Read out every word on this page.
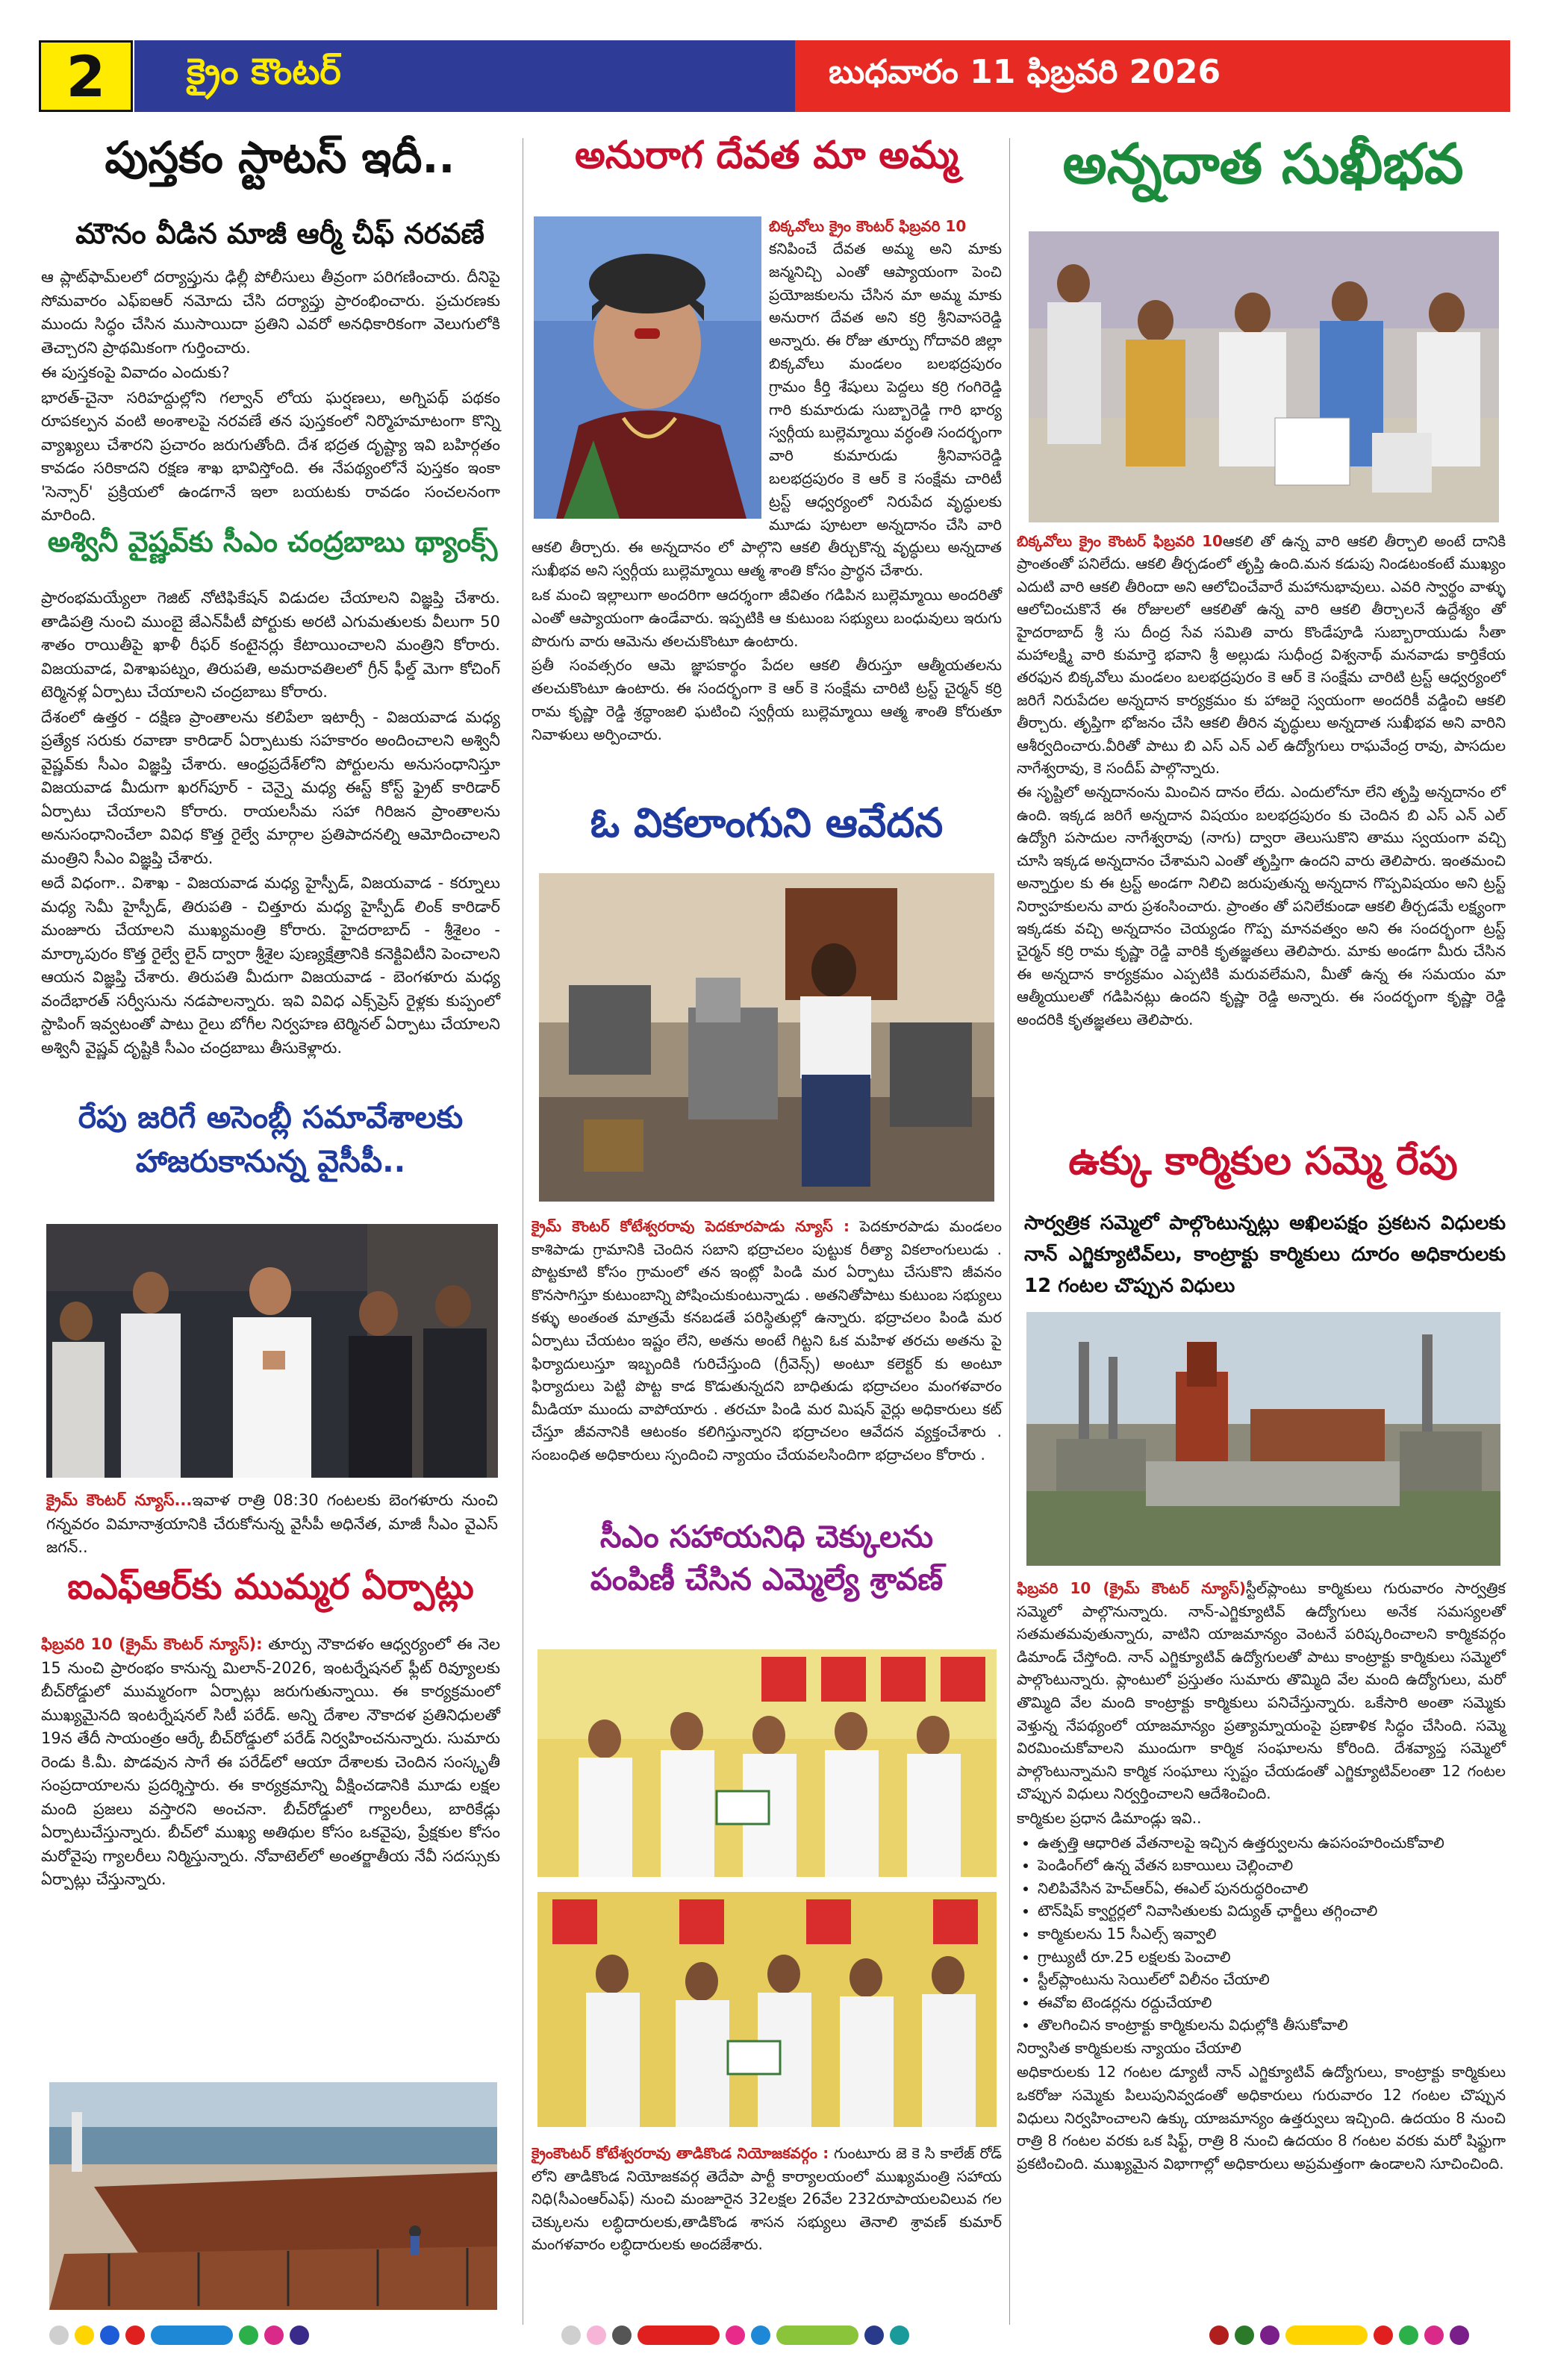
2	క్రైం కౌంటర్	బుధవారం 11 ఫిబ్రవరి 2026
పుస్తకం స్టాటస్ ఇదీ..
మౌనం వీడిన మాజీ ఆర్మీ చీఫ్ నరవణే

ఆ ప్లాట్‌ఫామ్‌లలో దర్యాప్తును ఢిల్లీ పోలీసులు తీవ్రంగా పరిగణించారు. దీనిపై సోమవారం ఎఫ్‌ఐఆర్ నమోదు చేసి దర్యాప్తు ప్రారంభించారు. ప్రచురణకు ముందు సిద్ధం చేసిన ముసాయిదా ప్రతిని ఎవరో అనధికారికంగా వెలుగులోకి తెచ్చారని ప్రాథమికంగా గుర్తించారు.

ఈ పుస్తకంపై వివాదం ఎందుకు?

భారత్-చైనా సరిహద్దుల్లోని గల్వాన్ లోయ ఘర్షణలు, అగ్నిపథ్ పథకం రూపకల్పన వంటి అంశాలపై నరవణే తన పుస్తకంలో నిర్మొహమాటంగా కొన్ని వ్యాఖ్యలు చేశారని ప్రచారం జరుగుతోంది. దేశ భద్రత దృష్ట్యా ఇవి బహిర్గతం కావడం సరికాదని రక్షణ శాఖ భావిస్తోంది. ఈ నేపథ్యంలోనే పుస్తకం ఇంకా 'సెన్సార్' ప్రక్రియలో ఉండగానే ఇలా బయటకు రావడం సంచలనంగా మారింది.

అశ్వినీ వైష్ణవ్‌కు సీఎం చంద్రబాబు థ్యాంక్స్

ప్రారంభమయ్యేలా గెజిట్ నోటిఫికేషన్ విడుదల చేయాలని విజ్ఞప్తి చేశారు. తాడిపత్రి నుంచి ముంబై జేఎన్‌పీటీ పోర్టుకు అరటి ఎగుమతులకు వీలుగా 50 శాతం రాయితీపై ఖాళీ రీఫర్ కంటైనర్లు కేటాయించాలని మంత్రిని కోరారు. విజయవాడ, విశాఖపట్నం, తిరుపతి, అమరావతిలలో గ్రీన్ ఫీల్డ్ మెగా కోచింగ్ టెర్మినళ్ల ఏర్పాటు చేయాలని చంద్రబాబు కోరారు.

దేశంలో ఉత్తర - దక్షిణ ప్రాంతాలను కలిపేలా ఇటార్సీ - విజయవాడ మధ్య ప్రత్యేక సరుకు రవాణా కారిడార్ ఏర్పాటుకు సహకారం అందించాలని అశ్వినీ వైష్ణవ్‌కు సీఎం విజ్ఞప్తి చేశారు. ఆంధ్రప్రదేశ్‌లోని పోర్టులను అనుసంధానిస్తూ విజయవాడ మీదుగా ఖరగ్‌పూర్ - చెన్నై మధ్య ఈస్ట్ కోస్ట్ ఫ్రైట్ కారిడార్ ఏర్పాటు చేయాలని కోరారు. రాయలసీమ సహా గిరిజన ప్రాంతాలను అనుసంధానించేలా వివిధ కొత్త రైల్వే మార్గాల ప్రతిపాదనల్ని ఆమోదించాలని మంత్రిని సీఎం విజ్ఞప్తి చేశారు.

అదే విధంగా.. విశాఖ - విజయవాడ మధ్య హైస్పీడ్, విజయవాడ - కర్నూలు మధ్య సెమీ హైస్పీడ్, తిరుపతి - చిత్తూరు మధ్య హైస్పీడ్ లింక్ కారిడార్ మంజూరు చేయాలని ముఖ్యమంత్రి కోరారు. హైదరాబాద్ - శ్రీశైలం - మార్కాపురం కొత్త రైల్వే లైన్ ద్వారా శ్రీశైల పుణ్యక్షేత్రానికి కనెక్టివిటీని పెంచాలని ఆయన విజ్ఞప్తి చేశారు. తిరుపతి మీదుగా విజయవాడ - బెంగళూరు మధ్య వందేభారత్ సర్వీసును నడపాలన్నారు. ఇవి వివిధ ఎక్స్‌ప్రెస్ రైళ్లకు కుప్పంలో స్టాపింగ్ ఇవ్వటంతో పాటు రైలు బోగీల నిర్వహణ టెర్మినల్ ఏర్పాటు చేయాలని అశ్వినీ వైష్ణవ్ దృష్టికి సీఎం చంద్రబాబు తీసుకెళ్లారు.

రేపు జరిగే అసెంబ్లీ సమావేశాలకు
హాజరుకానున్న వైసీపీ..
క్రైమ్ కౌంటర్ న్యూస్...ఇవాళ రాత్రి 08:30 గంటలకు బెంగళూరు నుంచి గన్నవరం విమానాశ్రయానికి చేరుకోనున్న వైసీపీ అధినేత, మాజీ సీఎం వైఎస్ జగన్..
ఐఎఫ్ఆర్‌కు ముమ్మర ఏర్పాట్లు

ఫిబ్రవరి 10 (క్రైమ్ కౌంటర్ న్యూస్): తూర్పు నౌకాదళం ఆధ్వర్యంలో ఈ నెల 15 నుంచి ప్రారంభం కానున్న మిలాన్-2026, ఇంటర్నేషనల్ ఫ్లీట్ రివ్యూలకు బీచ్‌రోడ్డులో ముమ్మరంగా ఏర్పాట్లు జరుగుతున్నాయి. ఈ కార్యక్రమంలో ముఖ్యమైనది ఇంటర్నేషనల్ సిటీ పరేడ్. అన్ని దేశాల నౌకాదళ ప్రతినిధులతో 19న తేదీ సాయంత్రం ఆర్కే బీచ్‌రోడ్డులో పరేడ్ నిర్వహించనున్నారు. సుమారు రెండు కి.మీ. పొడవున సాగే ఈ పరేడ్‌లో ఆయా దేశాలకు చెందిన సంస్కృతీ సంప్రదాయాలను ప్రదర్శిస్తారు. ఈ కార్యక్రమాన్ని వీక్షించడానికి మూడు లక్షల మంది ప్రజలు వస్తారని అంచనా. బీచ్‌రోడ్డులో గ్యాలరీలు, బారికేడ్లు ఏర్పాటుచేస్తున్నారు. బీచ్‌లో ముఖ్య అతిథుల కోసం ఒకవైపు, ప్రేక్షకుల కోసం మరోవైపు గ్యాలరీలు నిర్మిస్తున్నారు. నోవాటెల్‌లో అంతర్జాతీయ నేవీ సదస్సుకు ఏర్పాట్లు చేస్తున్నారు.

అనురాగ దేవత మా అమ్మ
బిక్కవోలు క్రైం కౌంటర్ ఫిబ్రవరి 10

కనిపించే దేవత అమ్మ అని మాకు జన్మనిచ్చి ఎంతో ఆప్యాయంగా పెంచి ప్రయోజకులను చేసిన మా అమ్మ మాకు అనురాగ దేవత అని కర్రి శ్రీనివాసరెడ్డి అన్నారు. ఈ రోజు తూర్పు గోదావరి జిల్లా బిక్కవోలు మండలం బలభద్రపురం గ్రామం కీర్తి శేషులు పెద్దలు కర్రి గంగిరెడ్డి గారి కుమారుడు సుబ్బారెడ్డి గారి భార్య స్వర్గీయ బుల్లెమ్మాయి వర్ధంతి సందర్భంగా వారి కుమారుడు శ్రీనివాసరెడ్డి బలభద్రపురం కె ఆర్ కె సంక్షేమ చారిటీ ట్రస్ట్ ఆధ్వర్యంలో నిరుపేద వృద్ధులకు మూడు పూటలా అన్నదానం చేసి వారి ఆకలి తీర్చారు. ఈ అన్నదానం లో పాల్గొని ఆకలి తీర్చుకొన్న వృద్ధులు అన్నదాత సుఖీభవ అని స్వర్గీయ బుల్లెమ్మాయి ఆత్మ శాంతి కోసం ప్రార్థన చేశారు.

ఒక మంచి ఇల్లాలుగా అందరిగా ఆదర్శంగా జీవితం గడిపిన బుల్లెమ్మాయి అందరితో ఎంతో ఆప్యాయంగా ఉండేవారు. ఇప్పటికి ఆ కుటుంబ సభ్యులు బంధువులు ఇరుగు పొరుగు వారు ఆమెను తలచుకొంటూ ఉంటారు.

ప్రతీ సంవత్సరం ఆమె జ్ఞాపకార్థం పేదల ఆకలి తీరుస్తూ ఆత్మీయతలను తలచుకొంటూ ఉంటారు. ఈ సందర్భంగా కె ఆర్ కె సంక్షేమ చారిటి ట్రస్ట్ చైర్మన్ కర్రి రామ కృష్ణా రెడ్డి శ్రద్ధాంజలి ఘటించి స్వర్గీయ బుల్లెమ్మాయి ఆత్మ శాంతి కోరుతూ నివాళులు అర్పించారు.

ఓ వికలాంగుని ఆవేదన

క్రైమ్ కౌంటర్ కోటేశ్వరరావు పెదకూరపాడు న్యూస్ : పెదకూరపాడు మండలం కాశిపాడు గ్రామానికి చెందిన సబాని భద్రాచలం పుట్టుక రీత్యా వికలాంగులుడు . పొట్టకూటి కోసం గ్రామంలో తన ఇంట్లో పిండి మర ఏర్పాటు చేసుకొని జీవనం కొనసాగిస్తూ కుటుంబాన్ని పోషించుకుంటున్నాడు . అతనితోపాటు కుటుంబ సభ్యులు కళ్ళు అంతంత మాత్రమే కనబడతే పరిస్థితుల్లో ఉన్నారు. భద్రాచలం పిండి మర ఏర్పాటు చేయటం ఇష్టం లేని, అతను అంటే గిట్టని ఓక మహిళ తరచు అతను పై ఫిర్యాదులుస్తూ ఇబ్బందికి గురిచేస్తుంది (గ్రీవెన్స్) అంటూ కలెక్టర్ కు అంటూ ఫిర్యాదులు పెట్టి పొట్ట కాడ కొడుతున్నదని బాధితుడు భద్రాచలం మంగళవారం మీడియా ముందు వాపోయారు . తరచూ పిండి మర మిషన్ వైర్లు అధికారులు కట్ చేస్తూ జీవనానికి ఆటంకం కలిగిస్తున్నారని భద్రాచలం ఆవేదన వ్యక్తంచేశారు . సంబంధిత అధికారులు స్పందించి న్యాయం చేయవలసిందిగా భద్రాచలం కోరారు .

సీఎం సహాయనిధి చెక్కులను
పంపిణీ చేసిన ఎమ్మెల్యే శ్రావణ్

క్రైంకౌంటర్ కోటేశ్వరరావు తాడికొండ నియోజకవర్గం : గుంటూరు జె కె సి కాలేజ్ రోడ్ లోని తాడికొండ నియోజకవర్గ తెదేపా పార్టీ కార్యాలయంలో ముఖ్యమంత్రి సహాయ నిధి(సీఎంఆర్ఎఫ్) నుంచి మంజూరైన 32లక్షల 26వేల 232రూపాయలవిలువ గల చెక్కులను లబ్ధిదారులకు,తాడికొండ శాసన సభ్యులు తెనాలి శ్రావణ్ కుమార్ మంగళవారం లబ్ధిదారులకు అందజేశారు.

అన్నదాత సుఖీభవ

బిక్కవోలు క్రైం కౌంటర్ ఫిబ్రవరి 10ఆకలి తో ఉన్న వారి ఆకలి తీర్చాలి అంటే దానికి ప్రాంతంతో పనిలేదు. ఆకలి తీర్చడంలో తృప్తి ఉంది.మన కడుపు నిండటంకంటే ముఖ్యం ఎదుటి వారి ఆకలి తీరిందా అని ఆలోచించేవారే మహానుభావులు. ఎవరి స్వార్థం వాళ్ళు ఆలోచించుకొనే ఈ రోజులలో ఆకలితో ఉన్న వారి ఆకలి తీర్చాలనే ఉద్దేశ్యం తో హైదరాబాద్ శ్రీ సు దీంద్ర సేవ సమితి వారు కొండేపూడి సుబ్బారాయుడు సీతా మహాలక్ష్మి వారి కుమార్తె భవాని శ్రీ అల్లుడు సుధీంద్ర విశ్వనాథ్ మనవాడు కార్తికేయ తరఫున బిక్కవోలు మండలం బలభద్రపురం కె ఆర్ కె సంక్షేమ చారిటి ట్రస్ట్ ఆధ్వర్యంలో జరిగే నిరుపేదల అన్నదాన కార్యక్రమం కు హాజరై స్వయంగా అందరికీ వడ్డించి ఆకలి తీర్చారు. తృప్తిగా భోజనం చేసి ఆకలి తీరిన వృద్ధులు అన్నదాత సుఖీభవ అని వారిని ఆశీర్వదించారు.వీరితో పాటు బి ఎస్ ఎన్ ఎల్ ఉద్యోగులు రాఘవేంద్ర రావు, పాసదుల నాగేశ్వరావు, కె సందీప్ పాల్గొన్నారు.

ఈ సృష్టిలో అన్నదానంను మించిన దానం లేదు. ఎందులోనూ లేని తృప్తి అన్నదానం లో ఉంది. ఇక్కడ జరిగే అన్నదాన విషయం బలభద్రపురం కు చెందిన బి ఎస్ ఎన్ ఎల్ ఉద్యోగి పసాదుల నాగేశ్వరావు (నాగు) ద్వారా తెలుసుకొని తాము స్వయంగా వచ్చి చూసి ఇక్కడ అన్నదానం చేశామని ఎంతో తృప్తిగా ఉందని వారు తెలిపారు. ఇంతమంచి అన్నార్తుల కు ఈ ట్రస్ట్ అండగా నిలిచి జరుపుతున్న అన్నదాన గొప్పవిషయం అని ట్రస్ట్ నిర్వాహకులను వారు ప్రశంసించారు. ప్రాంతం తో పనిలేకుండా ఆకలి తీర్చడమే లక్ష్యంగా ఇక్కడకు వచ్చి అన్నదానం చెయ్యడం గొప్ప మానవత్వం అని ఈ సందర్భంగా ట్రస్ట్ చైర్మన్ కర్రి రామ కృష్ణా రెడ్డి వారికి కృతజ్ఞతలు తెలిపారు. మాకు అండగా మీరు చేసిన ఈ అన్నదాన కార్యక్రమం ఎప్పటికి మరువలేమని, మీతో ఉన్న ఈ సమయం మా ఆత్మీయులతో గడిపినట్లు ఉందని కృష్ణా రెడ్డి అన్నారు. ఈ సందర్భంగా కృష్ణా రెడ్డి అందరికి కృతజ్ఞతలు తెలిపారు.

ఉక్కు కార్మికుల సమ్మె రేపు
సార్వత్రిక సమ్మెలో పాల్గొంటున్నట్లు అఖిలపక్షం ప్రకటన విధులకు నాన్ ఎగ్జిక్యూటివ్‌లు, కాంట్రాక్టు కార్మికులు దూరం అధికారులకు 12 గంటల చొప్పున విధులు

ఫిబ్రవరి 10 (క్రైమ్ కౌంటర్ న్యూస్)స్టీల్‌ప్లాంటు కార్మికులు గురువారం సార్వత్రిక సమ్మెలో పాల్గొనున్నారు. నాన్-ఎగ్జిక్యూటివ్ ఉద్యోగులు అనేక సమస్యలతో సతమతమవుతున్నారు, వాటిని యాజమాన్యం వెంటనే పరిష్కరించాలని కార్మికవర్గం డిమాండ్ చేస్తోంది. నాన్ ఎగ్జిక్యూటివ్ ఉద్యోగులతో పాటు కాంట్రాక్టు కార్మికులు సమ్మెలో పాల్గొంటున్నారు. ప్లాంటులో ప్రస్తుతం సుమారు తొమ్మిది వేల మంది ఉద్యోగులు, మరో తొమ్మిది వేల మంది కాంట్రాక్టు కార్మికులు పనిచేస్తున్నారు. ఒకేసారి అంతా సమ్మెకు వెళ్తున్న నేపథ్యంలో యాజమాన్యం ప్రత్యామ్నాయంపై ప్రణాళిక సిద్ధం చేసింది. సమ్మె విరమించుకోవాలని ముందుగా కార్మిక సంఘాలను కోరింది. దేశవ్యాప్త సమ్మెలో పాల్గొంటున్నామని కార్మిక సంఘాలు స్పష్టం చేయడంతో ఎగ్జిక్యూటివ్‌లంతా 12 గంటల చొప్పున విధులు నిర్వర్తించాలని ఆదేశించింది.

కార్మికుల ప్రధాన డిమాండ్లు ఇవి..

• ఉత్పత్తి ఆధారిత వేతనాలపై ఇచ్చిన ఉత్తర్వులను ఉపసంహరించుకోవాలి
• పెండింగ్‌లో ఉన్న వేతన బకాయిలు చెల్లించాలి
• నిలిపివేసిన హెచ్ఆర్ఏ, ఈఎల్ పునరుద్ధరించాలి
• టౌన్‌షిప్ క్వార్టర్లలో నివాసితులకు విద్యుత్ ఛార్జీలు తగ్గించాలి
• కార్మికులను 15 సీఎల్స్ ఇవ్వాలి
• గ్రాట్యుటీ రూ.25 లక్షలకు పెంచాలి
• స్టీల్‌ప్లాంటును సెయిల్‌లో విలీనం చేయాలి
• ఈవోఐ టెండర్లను రద్దుచేయాలి
• తొలగించిన కాంట్రాక్టు కార్మికులను విధుల్లోకి తీసుకోవాలి

నిర్వాసిత కార్మికులకు న్యాయం చేయాలి

అధికారులకు 12 గంటల డ్యూటీ నాన్ ఎగ్జిక్యూటివ్ ఉద్యోగులు, కాంట్రాక్టు కార్మికులు ఒకరోజు సమ్మెకు పిలుపునివ్వడంతో అధికారులు గురువారం 12 గంటల చొప్పున విధులు నిర్వహించాలని ఉక్కు యాజమాన్యం ఉత్తర్వులు ఇచ్చింది. ఉదయం 8 నుంచి రాత్రి 8 గంటల వరకు ఒక షిఫ్ట్, రాత్రి 8 నుంచి ఉదయం 8 గంటల వరకు మరో షిఫ్టుగా ప్రకటించింది. ముఖ్యమైన విభాగాల్లో అధికారులు అప్రమత్తంగా ఉండాలని సూచించింది.
